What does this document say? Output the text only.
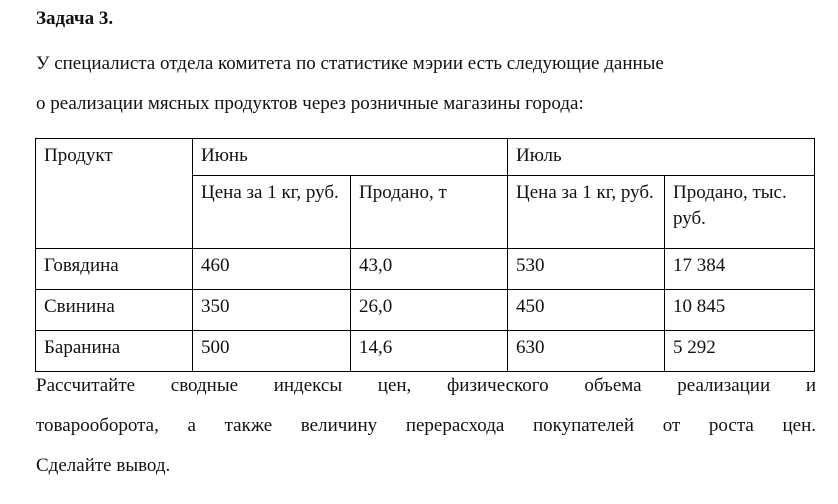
Задача 3.
У специалиста отдела комитета по статистике мэрии есть следующие данные
о реализации мясных продуктов через розничные магазины города:
Продукт	Июнь		Июль	
	Цена за 1 кг, руб.	Продано, т	Цена за 1 кг, руб.	Продано, тыс. руб.
Говядина	460	43,0	530	17 384
Свинина	350	26,0	450	10 845
Баранина	500	14,6	630	5 292
Рассчитайте сводные индексы цен, физического объема реализации и
товарооборота, а также величину перерасхода покупателей от роста цен.
Сделайте вывод.
